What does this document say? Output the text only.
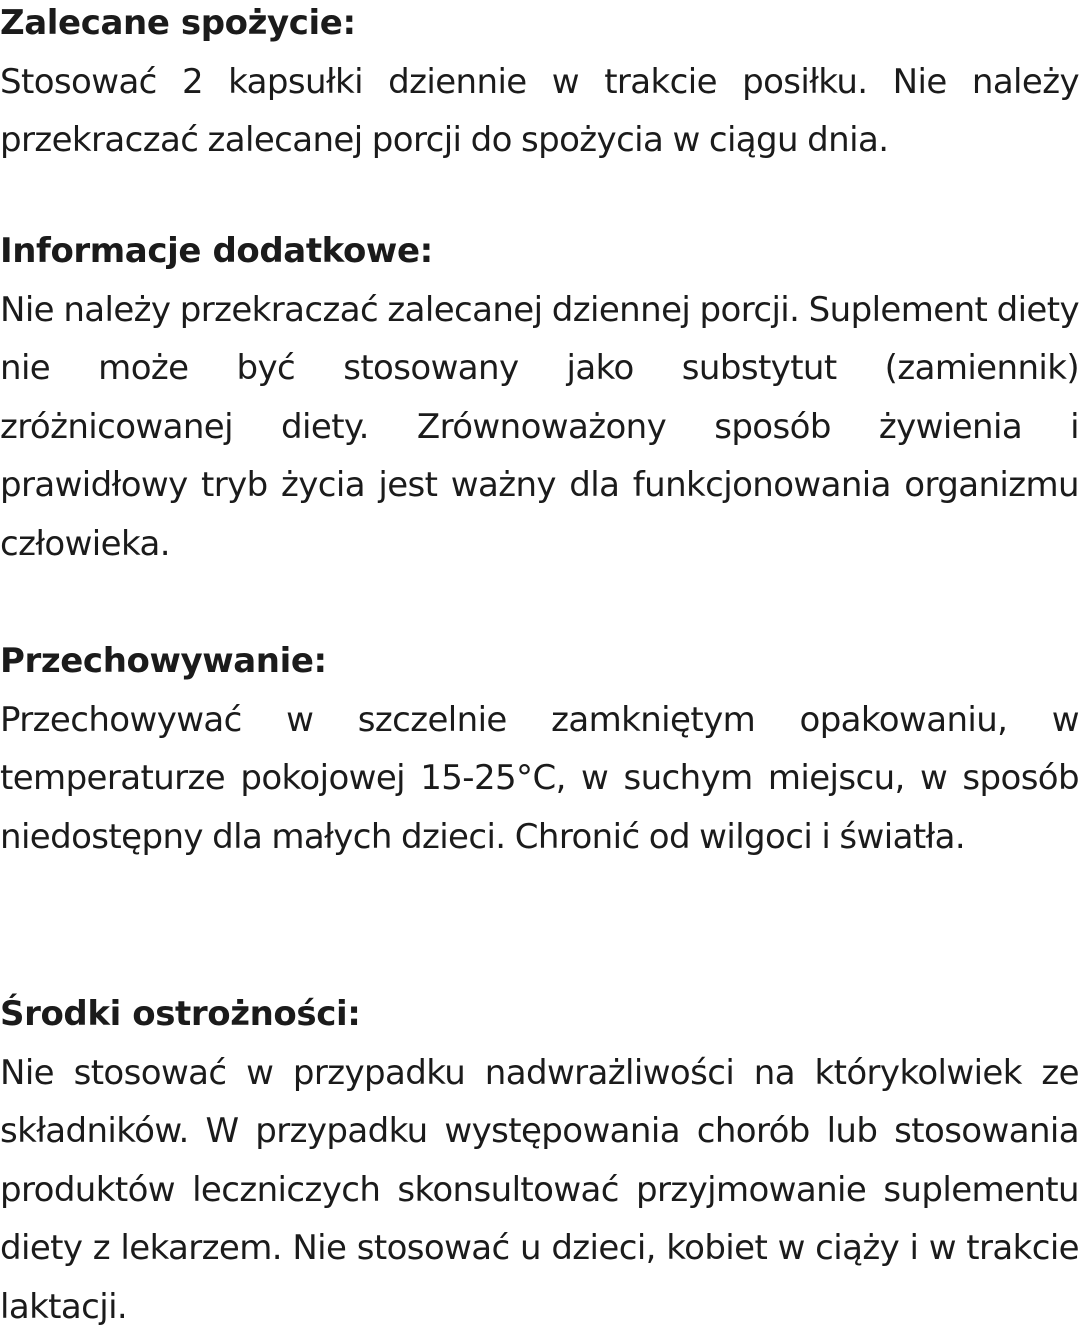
Zalecane spożycie:
Stosować 2 kapsułki dziennie w trakcie posiłku. Nie należy przekraczać zalecanej porcji do spożycia w ciągu dnia.
Informacje dodatkowe:
Nie należy przekraczać zalecanej dziennej porcji. Suplement diety nie może być stosowany jako substytut (zamiennik) zróżnicowanej diety. Zrównoważony sposób żywienia i prawidłowy tryb życia jest ważny dla funkcjonowania organizmu człowieka.
Przechowywanie:
Przechowywać w szczelnie zamkniętym opakowaniu, w temperaturze pokojowej 15-25°C, w suchym miejscu, w sposób niedostępny dla małych dzieci. Chronić od wilgoci i światła.
Środki ostrożności:
Nie stosować w przypadku nadwrażliwości na którykolwiek ze składników. W przypadku występowania chorób lub stosowania produktów leczniczych skonsultować przyjmowanie suplementu diety z lekarzem. Nie stosować u dzieci, kobiet w ciąży i w trakcie laktacji.
